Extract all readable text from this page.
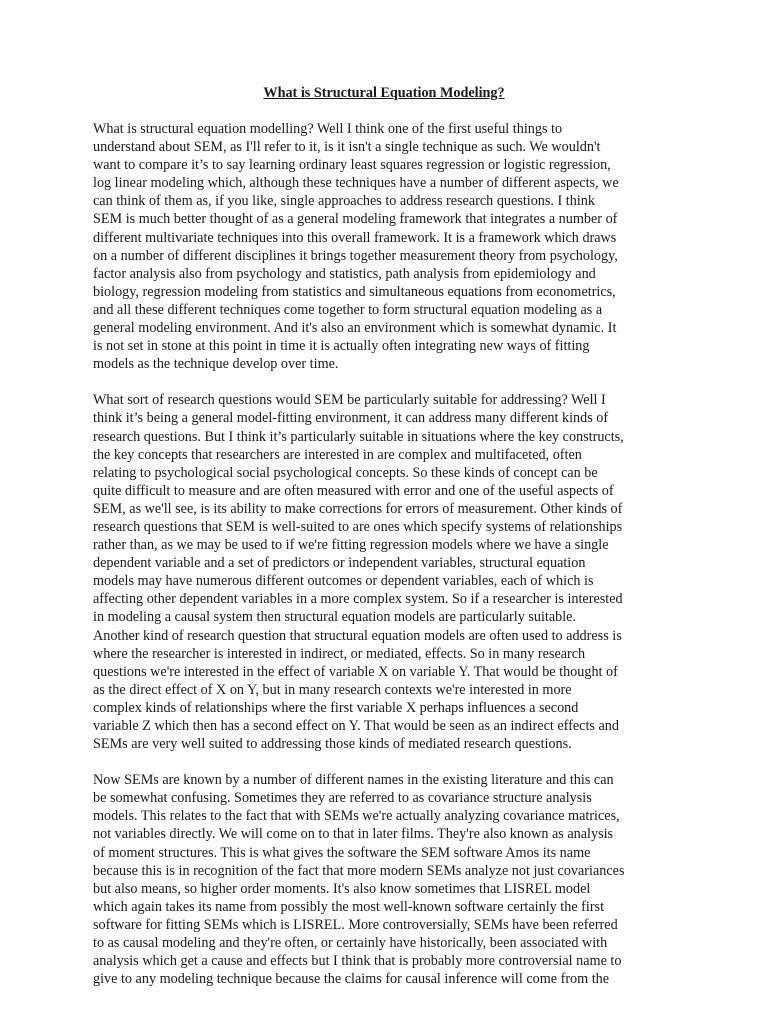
What is Structural Equation Modeling?

What is structural equation modelling? Well I think one of the first useful things to
understand about SEM, as I'll refer to it, is it isn't a single technique as such. We wouldn't
want to compare it’s to say learning ordinary least squares regression or logistic regression,
log linear modeling which, although these techniques have a number of different aspects, we
can think of them as, if you like, single approaches to address research questions. I think
SEM is much better thought of as a general modeling framework that integrates a number of
different multivariate techniques into this overall framework. It is a framework which draws
on a number of different disciplines it brings together measurement theory from psychology,
factor analysis also from psychology and statistics, path analysis from epidemiology and
biology, regression modeling from statistics and simultaneous equations from econometrics,
and all these different techniques come together to form structural equation modeling as a
general modeling environment. And it's also an environment which is somewhat dynamic. It
is not set in stone at this point in time it is actually often integrating new ways of fitting
models as the technique develop over time.

What sort of research questions would SEM be particularly suitable for addressing? Well I
think it’s being a general model-fitting environment, it can address many different kinds of
research questions. But I think it’s particularly suitable in situations where the key constructs,
the key concepts that researchers are interested in are complex and multifaceted, often
relating to psychological social psychological concepts. So these kinds of concept can be
quite difficult to measure and are often measured with error and one of the useful aspects of
SEM, as we'll see, is its ability to make corrections for errors of measurement. Other kinds of
research questions that SEM is well-suited to are ones which specify systems of relationships
rather than, as we may be used to if we're fitting regression models where we have a single
dependent variable and a set of predictors or independent variables, structural equation
models may have numerous different outcomes or dependent variables, each of which is
affecting other dependent variables in a more complex system. So if a researcher is interested
in modeling a causal system then structural equation models are particularly suitable.
Another kind of research question that structural equation models are often used to address is
where the researcher is interested in indirect, or mediated, effects. So in many research
questions we're interested in the effect of variable X on variable Y. That would be thought of
as the direct effect of X on Y, but in many research contexts we're interested in more
complex kinds of relationships where the first variable X perhaps influences a second
variable Z which then has a second effect on Y. That would be seen as an indirect effects and
SEMs are very well suited to addressing those kinds of mediated research questions.

Now SEMs are known by a number of different names in the existing literature and this can
be somewhat confusing. Sometimes they are referred to as covariance structure analysis
models. This relates to the fact that with SEMs we're actually analyzing covariance matrices,
not variables directly. We will come on to that in later films. They're also known as analysis
of moment structures. This is what gives the software the SEM software Amos its name
because this is in recognition of the fact that more modern SEMs analyze not just covariances
but also means, so higher order moments. It's also know sometimes that LISREL model
which again takes its name from possibly the most well-known software certainly the first
software for fitting SEMs which is LISREL. More controversially, SEMs have been referred
to as causal modeling and they're often, or certainly have historically, been associated with
analysis which get a cause and effects but I think that is probably more controversial name to
give to any modeling technique because the claims for causal inference will come from the
